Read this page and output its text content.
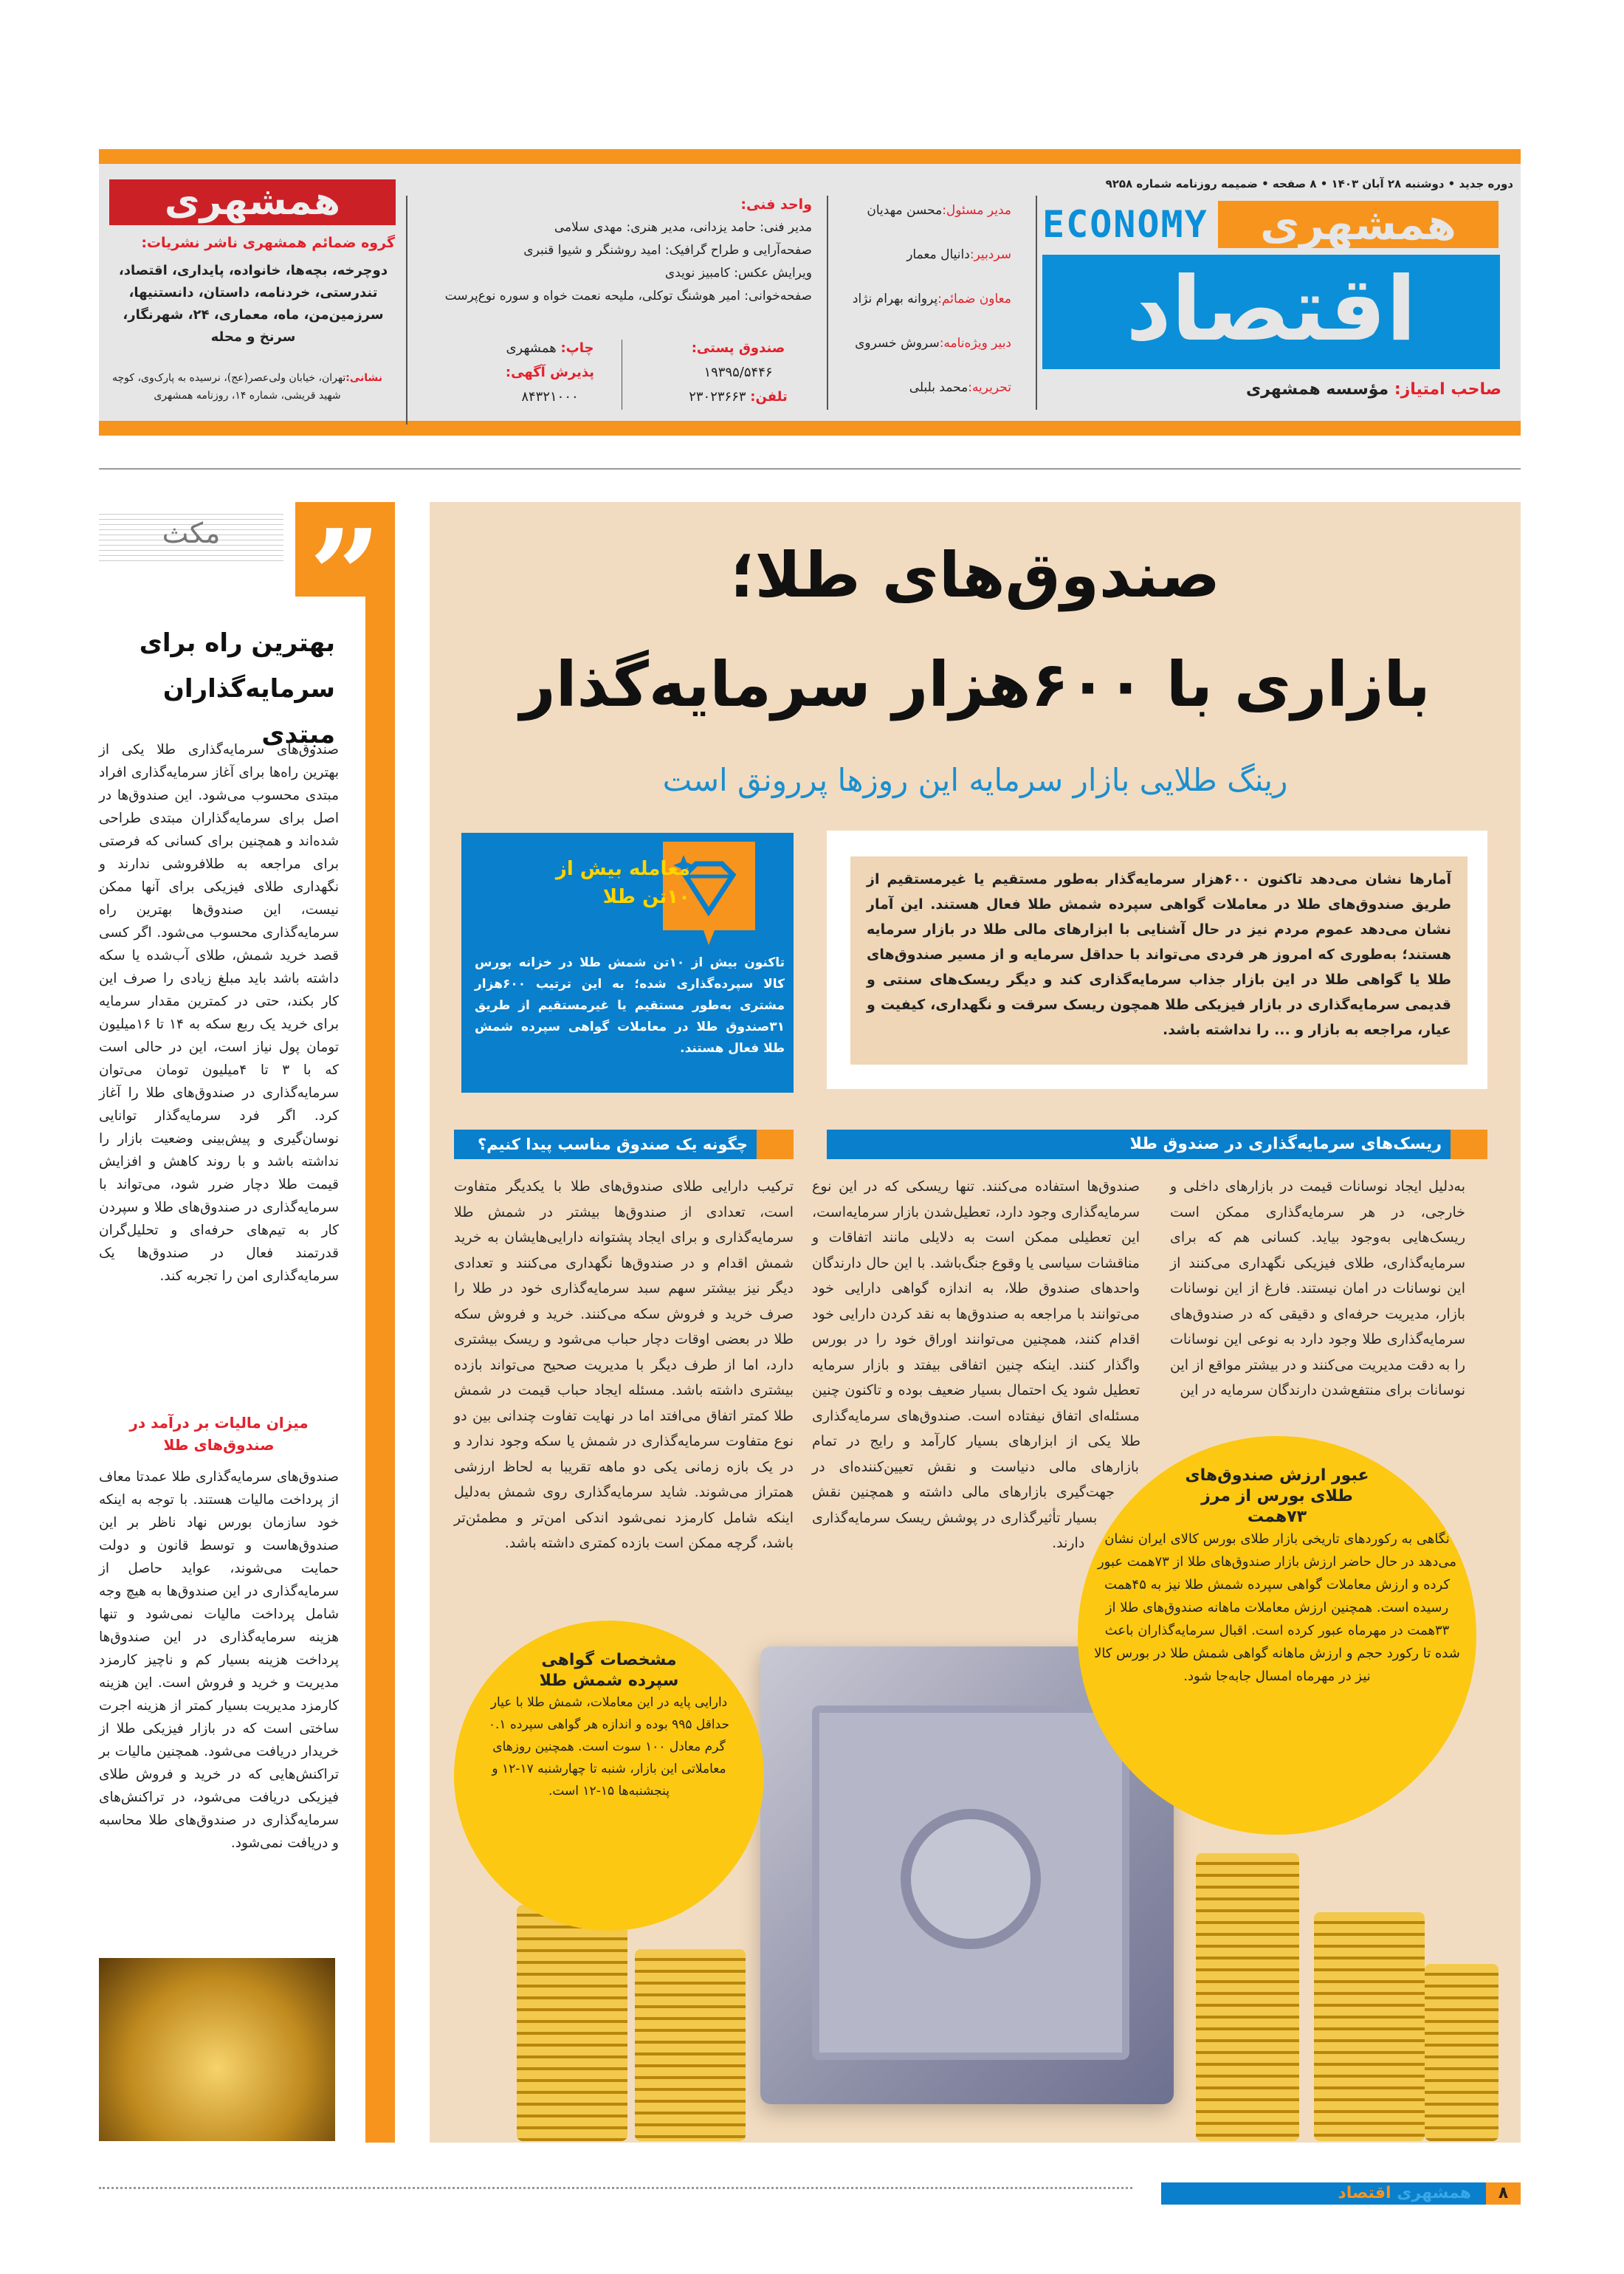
دوره جدید • دوشنبه ۲۸ آبان ۱۴۰۳ • ۸ صفحه • ضمیمه روزنامه شماره ۹۲۵۸
ECONOMY	همشهری
اقتصاد
صاحب امتیاز: مؤسسه همشهری
مدیر مسئول:محسن مهدیان
سردبیر:دانیال معمار
معاون ضمائم:پروانه بهرام نژاد
دبیر ویژه‌نامه:سروش خسروی
تحریریه:محمد بلبلی
واحد فنی:
مدیر فنی: حامد یزدانی، مدیر هنری: مهدی سلامی
صفحه‌آرایی و طراح گرافیک: امید روشنگر و شیوا قنبری
ویرایش عکس: کامبیز نویدی
صفحه‌خوانی: امیر هوشنگ توکلی، ملیحه نعمت خواه و سوره نوع‌پرست
صندوق پستی:
۱۹۳۹۵/۵۴۴۶
تلفن: ۲۳۰۲۳۶۶۳
چاپ: همشهری
پذیرش آگهی:
۸۴۳۲۱۰۰۰
همشهری
گروه ضمائم همشهری ناشر نشریات:
دوچرخه، بچه‌ها، خانواده، پایداری، اقتصاد، تندرستی، خردنامه، داستان، دانستنیها، سرزمین‌من، ماه، معماری، ۲۴، شهرنگار، سرنخ و محله
نشانی:تهران، خیابان ولی‌عصر(عج)، نرسیده به پارک‌وی، کوچه شهید قریشی، شماره ۱۴، روزنامه همشهری
صندوق‌های طلا؛
بازاری با ۶۰۰هزار سرمایه‌گذار
رینگ طلایی بازار سرمایه این روزها پررونق است
آمارها نشان می‌دهد تاکنون ۶۰۰هزار سرمایه‌گذار به‌طور مستقیم یا غیرمستقیم از طریق صندوق‌های طلا در معاملات گواهی سپرده شمش طلا فعال هستند. این آمار نشان می‌دهد عموم مردم نیز در حال آشنایی با ابزارهای مالی طلا در بازار سرمایه هستند؛ به‌طوری که امروز هر فردی می‌تواند با حداقل سرمایه و از مسیر صندوق‌های طلا یا گواهی طلا در این بازار جذاب سرمایه‌گذاری کند و دیگر ریسک‌های سنتی و قدیمی سرمایه‌گذاری در بازار فیزیکی طلا همچون ریسک سرقت و نگهداری، کیفیت و عیار، مراجعه به بازار و ... را نداشته باشد.
معامله بیش از ۱۰تن طلا
تاکنون بیش از ۱۰تن شمش طلا در خزانه بورس کالا سپرده‌گذاری شده؛ به این ترتیب ۶۰۰هزار مشتری به‌طور مستقیم یا غیرمستقیم از طریق ۳۱صندوق طلا در معاملات گواهی سپرده شمش طلا فعال هستند.
ریسک‌های سرمایه‌گذاری در صندوق طلا
چگونه یک صندوق مناسب پیدا کنیم؟
به‌دلیل ایجاد نوسانات قیمت در بازارهای داخلی و خارجی، در هر سرمایه‌گذاری ممکن است ریسک‌هایی به‌وجود بیاید. کسانی هم که برای سرمایه‌گذاری، طلای فیزیکی نگهداری می‌کنند از این نوسانات در امان نیستند. فارغ از این نوسانات بازار، مدیریت حرفه‌ای و دقیقی که در صندوق‌های سرمایه‌گذاری طلا وجود دارد به نوعی این نوسانات را به دقت مدیریت می‌کنند و در بیشتر مواقع از این نوسانات برای منتفع‌شدن دارندگان سرمایه در این
صندوق‌ها استفاده می‌کنند. تنها ریسکی که در این نوع سرمایه‌گذاری وجود دارد، تعطیل‌شدن بازار سرمایه‌است، این تعطیلی ممکن است به دلایلی مانند اتفاقات و مناقشات سیاسی یا وقوع جنگ‌باشد. با این حال دارندگان واحدهای صندوق طلا، به اندازه گواهی دارایی خود می‌توانند با مراجعه به صندوق‌ها به نقد کردن دارایی خود اقدام کنند، همچنین می‌توانند اوراق خود را در بورس واگذار کنند. اینکه چنین اتفاقی بیفتد و بازار سرمایه تعطیل شود یک احتمال بسیار ضعیف بوده و تاکنون چنین مسئله‌ای اتفاق نیفتاده است. صندوق‌های سرمایه‌گذاری طلا یکی از ابزارهای بسیار کارآمد و رایج در تمام بازارهای مالی دنیاست و نقش تعیین‌کننده‌ای در جهت‌گیری بازارهای مالی داشته و همچنین نقش بسیار تأثیرگذاری در پوشش ریسک سرمایه‌گذاری دارند.
ترکیب دارایی طلای صندوق‌های طلا با یکدیگر متفاوت است، تعدادی از صندوق‌ها بیشتر در شمش طلا سرمایه‌گذاری و برای ایجاد پشتوانه دارایی‌هایشان به خرید شمش اقدام و در صندوق‌ها نگهداری می‌کنند و تعدادی دیگر نیز بیشتر سهم سبد سرمایه‌گذاری خود در طلا را صرف خرید و فروش سکه می‌کنند. خرید و فروش سکه طلا در بعضی اوقات دچار حباب می‌شود و ریسک بیشتری دارد، اما از طرف دیگر با مدیریت صحیح می‌تواند بازده بیشتری داشته باشد. مسئله ایجاد حباب قیمت در شمش طلا کمتر اتفاق می‌افتد اما در نهایت تفاوت چندانی بین دو نوع متفاوت سرمایه‌گذاری در شمش یا سکه وجود ندارد و در یک بازه زمانی یکی دو ماهه تقریبا به لحاظ ارزشی همتراز می‌شوند. شاید سرمایه‌گذاری روی شمش به‌دلیل اینکه شامل کارمزد نمی‌شود اندکی امن‌تر و مطمئن‌تر باشد، گرچه ممکن است بازده کمتری داشته باشد.
عبور ارزش صندوق‌های طلای بورس از مرز ۷۳همت
نگاهی به رکوردهای تاریخی بازار طلای بورس کالای ایران نشان می‌دهد در حال حاضر ارزش بازار صندوق‌های طلا از ۷۳همت عبور کرده و ارزش معاملات گواهی سپرده شمش طلا نیز به ۴۵همت رسیده است. همچنین ارزش معاملات ماهانه صندوق‌های طلا از ۳۳همت در مهرماه عبور کرده است. اقبال سرمایه‌گذاران باعث شده تا رکورد حجم و ارزش ماهانه گواهی شمش طلا در بورس کالا نیز در مهرماه امسال جابه‌جا شود.
مشخصات گواهی سپرده شمش طلا
دارایی پایه در این معاملات، شمش طلا با عیار حداقل ۹۹۵ بوده و اندازه هر گواهی سپرده ۰.۱ گرم معادل ۱۰۰ سوت است. همچنین روزهای معاملاتی این بازار، شنبه تا چهارشنبه ۱۷-۱۲ و پنجشنبه‌ها ۱۵-۱۲ است.
”
مکث
بهترین راه برای سرمایه‌گذاران مبتدی
صندوق‌های سرمایه‌گذاری طلا یکی از بهترین راه‌ها برای آغاز سرمایه‌گذاری افراد مبتدی محسوب می‌شود. این صندوق‌ها در اصل برای سرمایه‌گذاران مبتدی طراحی شده‌اند و همچنین برای کسانی که فرصتی برای مراجعه به طلافروشی ندارند و نگهداری طلای فیزیکی برای آنها ممکن نیست، این صندوق‌ها بهترین راه سرمایه‌گذاری محسوب می‌شود. اگر کسی قصد خرید شمش، طلای آب‌شده یا سکه داشته باشد باید مبلغ زیادی را صرف این کار بکند، حتی در کمترین مقدار سرمایه برای خرید یک ربع سکه به ۱۴ تا ۱۶میلیون تومان پول نیاز است، این در حالی است که با ۳ تا ۴میلیون تومان می‌توان سرمایه‌گذاری در صندوق‌های طلا را آغاز کرد. اگر فرد سرمایه‌گذار توانایی نوسان‌گیری و پیش‌بینی وضعیت بازار را نداشته باشد و با روند کاهش و افزایش قیمت طلا دچار ضرر شود، می‌تواند با سرمایه‌گذاری در صندوق‌های طلا و سپردن کار به تیم‌های حرفه‌ای و تحلیل‌گران قدرتمند فعال در صندوق‌ها یک سرمایه‌گذاری امن را تجربه کند.
میزان مالیات بر درآمد در صندوق‌های طلا
صندوق‌های سرمایه‌گذاری طلا عمدتا معاف از پرداخت مالیات هستند. با توجه به اینکه خود سازمان بورس نهاد ناظر بر این صندوق‌هاست و توسط قانون و دولت حمایت می‌شوند، عواید حاصل از سرمایه‌گذاری در این صندوق‌ها به هیچ وجه شامل پرداخت مالیات نمی‌شود و تنها هزینه سرمایه‌گذاری در این صندوق‌ها پرداخت هزینه بسیار کم و ناچیز کارمزد مدیریت و خرید و فروش است. این هزینه کارمزد مدیریت بسیار کمتر از هزینه اجرت ساختی است که در بازار فیزیکی طلا از خریدار دریافت می‌شود. همچنین مالیات بر تراکنش‌هایی که در خرید و فروش طلای فیزیکی دریافت می‌شود، در تراکنش‌های سرمایه‌گذاری در صندوق‌های طلا محاسبه و دریافت نمی‌شود.
همشهری اقتصاد	۸
